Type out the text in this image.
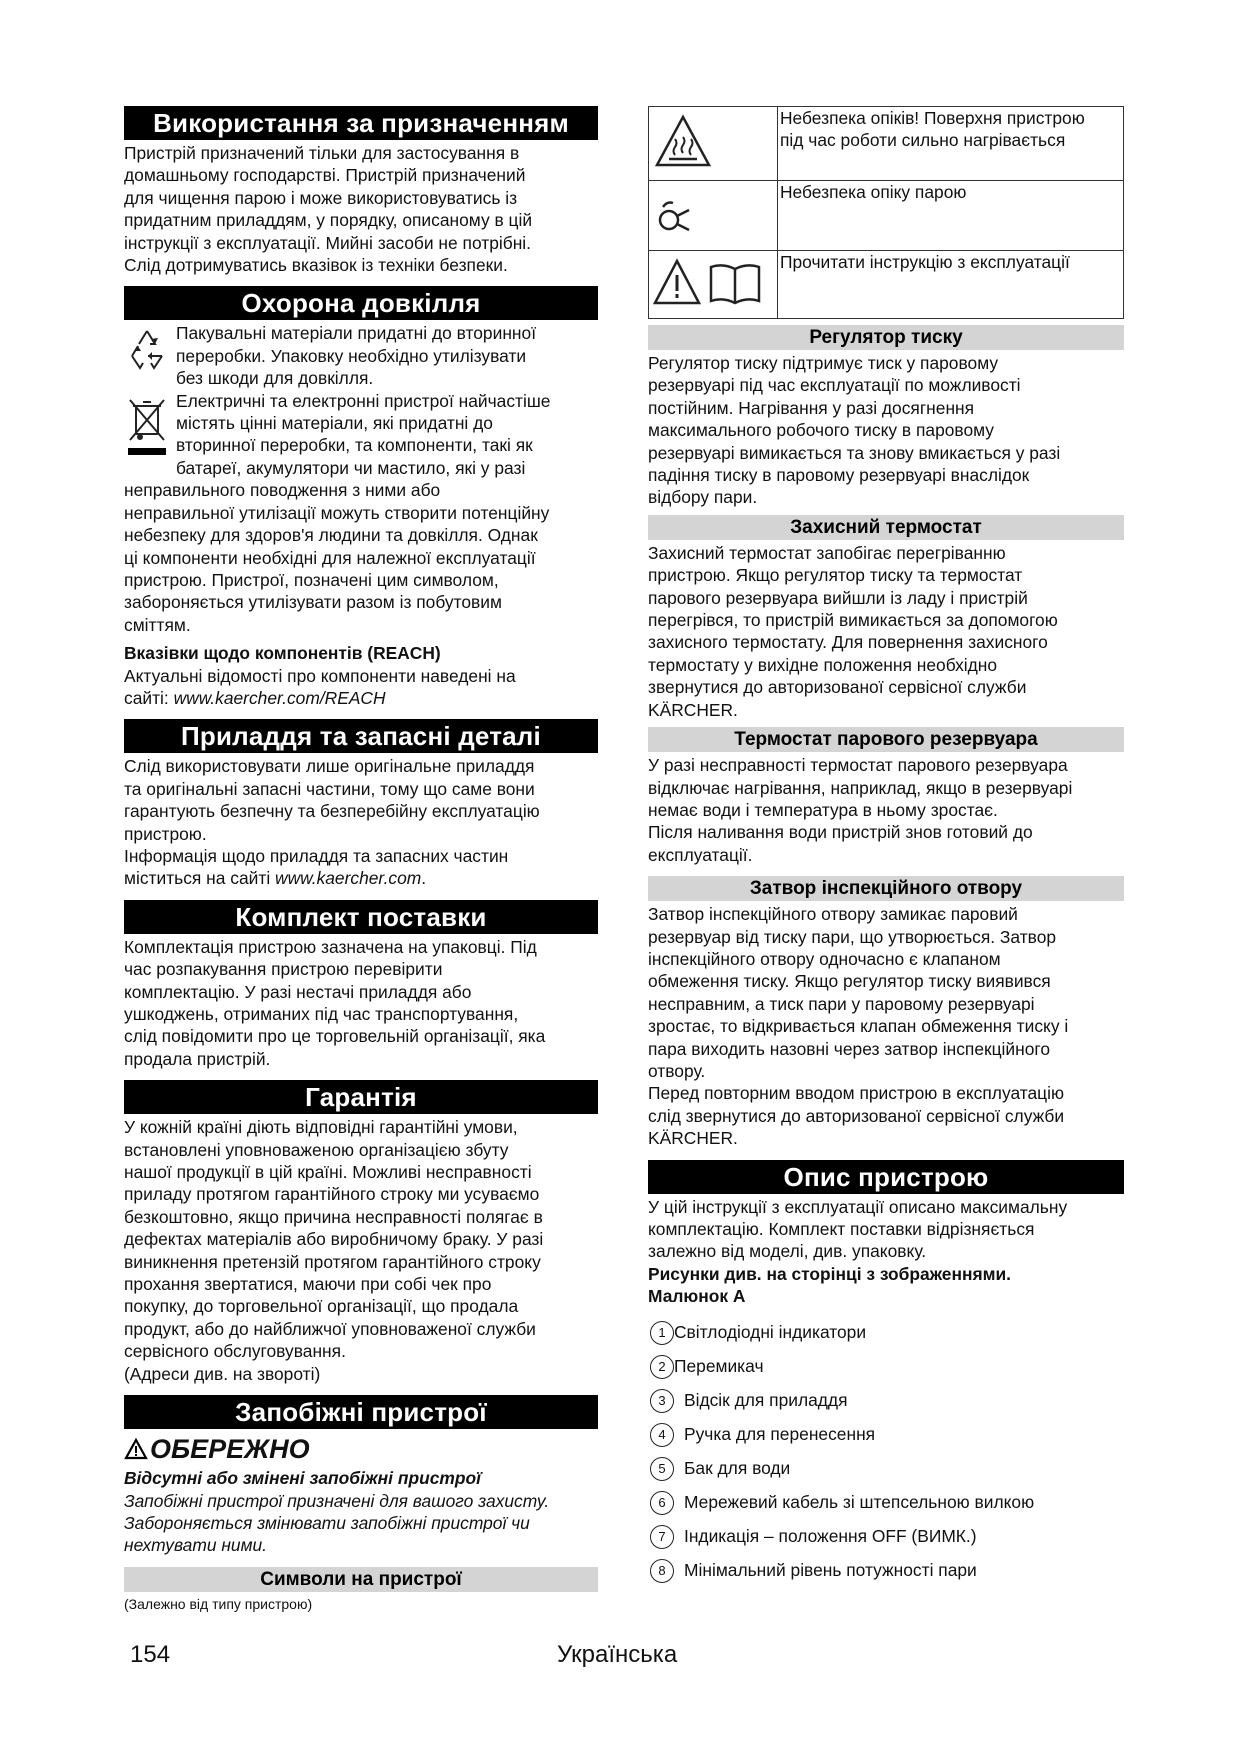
Використання за призначенням

Пристрій призначений тільки для застосування в

домашньому господарстві. Пристрій призначений

для чищення парою і може використовуватись із

придатним приладдям, у порядку, описаному в цій

інструкції з експлуатації. Мийні засоби не потрібні.

Слід дотримуватись вказівок із техніки безпеки.

Охорона довкілля

Пакувальні матеріали придатні до вторинної

переробки. Упаковку необхідно утилізувати

без шкоди для довкілля.

Електричні та електронні пристрої найчастіше

містять цінні матеріали, які придатні до

вторинної переробки, та компоненти, такі як

батареї, акумулятори чи мастило, які у разі

неправильного поводження з ними або

неправильної утилізації можуть створити потенційну

небезпеку для здоров'я людини та довкілля. Однак

ці компоненти необхідні для належної експлуатації

пристрою. Пристрої, позначені цим символом,

забороняється утилізувати разом із побутовим

сміттям.

Вказівки щодо компонентів (REACH)

Актуальні відомості про компоненти наведені на

сайті: www.kaercher.com/REACH

Приладдя та запасні деталі

Слід використовувати лише оригінальне приладдя

та оригінальні запасні частини, тому що саме вони

гарантують безпечну та безперебійну експлуатацію

пристрою.

Інформація щодо приладдя та запасних частин

міститься на сайті www.kaercher.com.

Комплект поставки

Комплектація пристрою зазначена на упаковці. Під

час розпакування пристрою перевірити

комплектацію. У разі нестачі приладдя або

ушкоджень, отриманих під час транспортування,

слід повідомити про це торговельній організації, яка

продала пристрій.

Гарантія

У кожній країні діють відповідні гарантійні умови,

встановлені уповноваженою організацією збуту

нашої продукції в цій країні. Можливі несправності

приладу протягом гарантійного строку ми усуваємо

безкоштовно, якщо причина несправності полягає в

дефектах матеріалів або виробничому браку. У разі

виникнення претензій протягом гарантійного строку

прохання звертатися, маючи при собі чек про

покупку, до торговельної організації, що продала

продукт, або до найближчої уповноваженої служби

сервісного обслуговування.

(Адреси див. на звороті)

Запобіжні пристрої
ОБЕРЕЖНО

Відсутні або змінені запобіжні пристрої

Запобіжні пристрої призначені для вашого захисту.

Забороняється змінювати запобіжні пристрої чи

нехтувати ними.

Символи на пристрої

(Залежно від типу пристрою)

Небезпека опіків! Поверхня пристрою

під час роботи сильно нагрівається

Небезпека опіку парою

Прочитати інструкцію з експлуатації

Регулятор тиску

Регулятор тиску підтримує тиск у паровому

резервуарі під час експлуатації по можливості

постійним. Нагрівання у разі досягнення

максимального робочого тиску в паровому

резервуарі вимикається та знову вмикається у разі

падіння тиску в паровому резервуарі внаслідок

відбору пари.

Захисний термостат

Захисний термостат запобігає перегріванню

пристрою. Якщо регулятор тиску та термостат

парового резервуара вийшли із ладу і пристрій

перегрівся, то пристрій вимикається за допомогою

захисного термостату. Для повернення захисного

термостату у вихідне положення необхідно

звернутися до авторизованої сервісної служби

KÄRCHER.

Термостат парового резервуара

У разі несправності термостат парового резервуара

відключає нагрівання, наприклад, якщо в резервуарі

немає води і температура в ньому зростає.

Після наливання води пристрій знов готовий до

експлуатації.

Затвор інспекційного отвору

Затвор інспекційного отвору замикає паровий

резервуар від тиску пари, що утворюється. Затвор

інспекційного отвору одночасно є клапаном

обмеження тиску. Якщо регулятор тиску виявився

несправним, а тиск пари у паровому резервуарі

зростає, то відкривається клапан обмеження тиску і

пара виходить назовні через затвор інспекційного

отвору.

Перед повторним вводом пристрою в експлуатацію

слід звернутися до авторизованої сервісної служби

KÄRCHER.

Опис пристрою

У цій інструкції з експлуатації описано максимальну

комплектацію. Комплект поставки відрізняється

залежно від моделі, див. упаковку.

Рисунки див. на сторінці з зображеннями.

Малюнок A

1 Світлодіодні індикатори
2 Перемикач
3	Відсік для приладдя
4	Ручка для перенесення
5	Бак для води
6	Мережевий кабель зі штепсельною вилкою
7	Індикація – положення OFF (ВИМК.)
8	Мінімальний рівень потужності пари
154	Українська
